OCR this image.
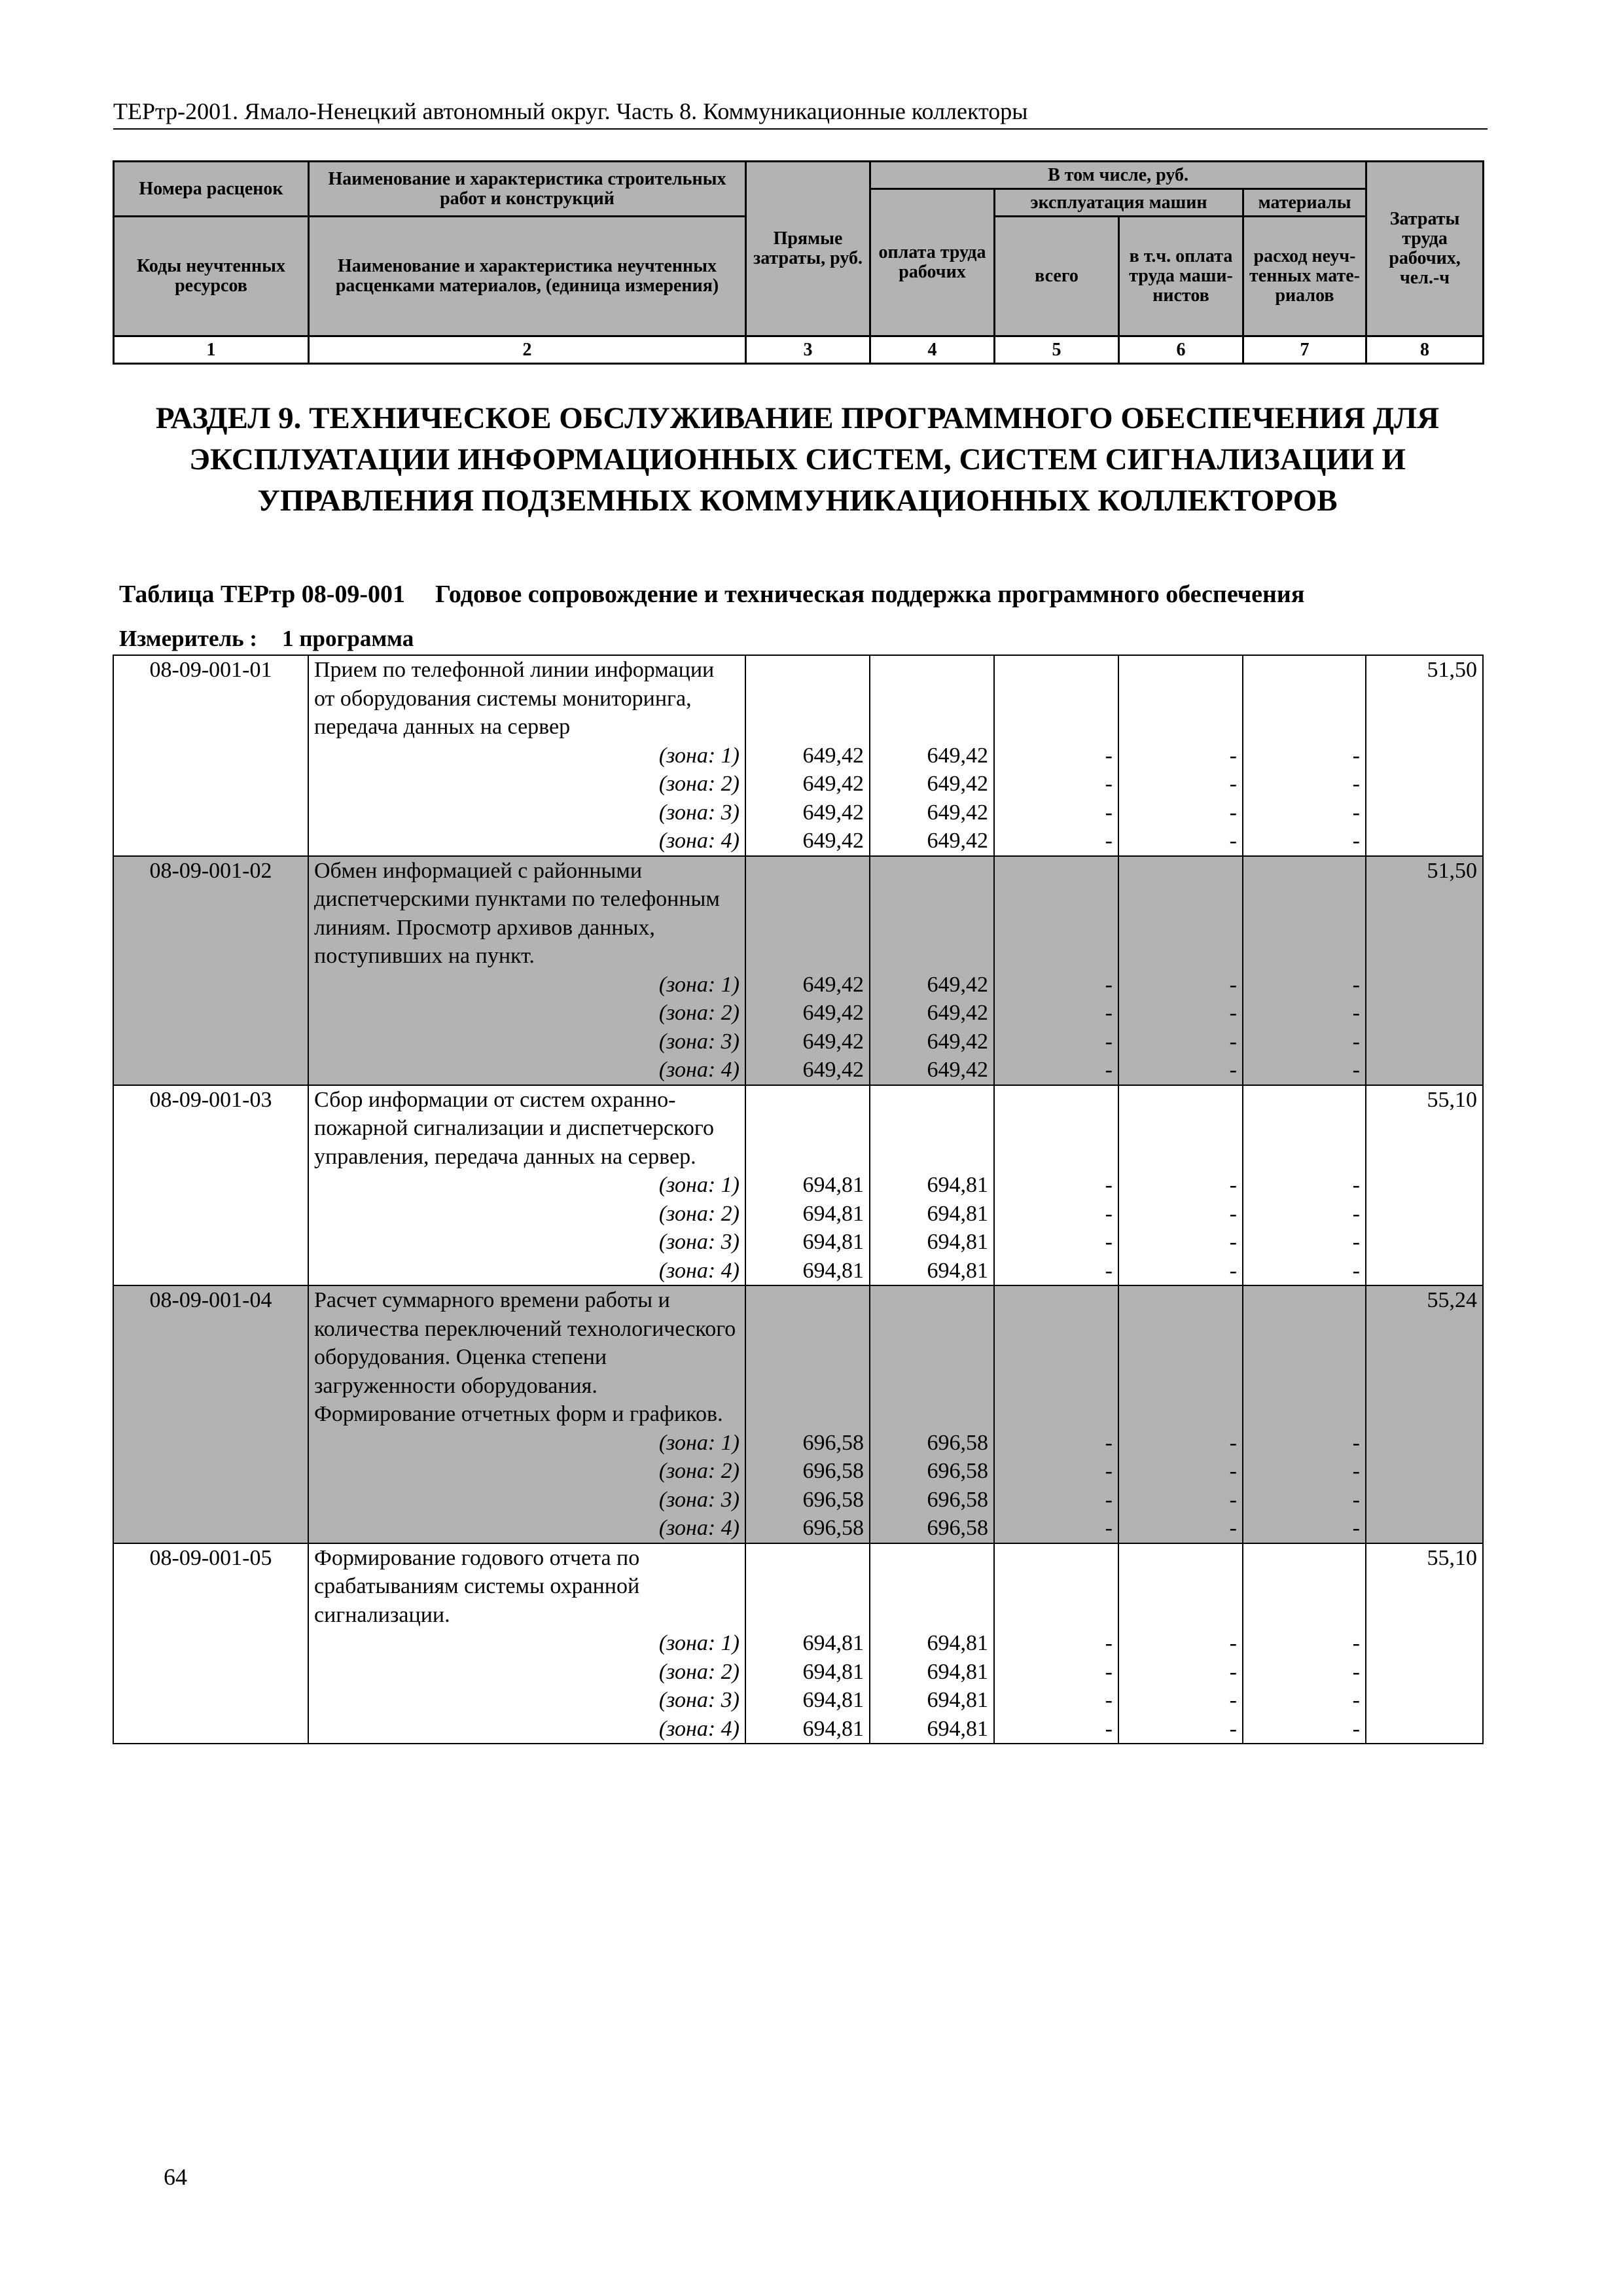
ТЕРтр-2001. Ямало-Ненецкий автономный округ. Часть 8. Коммуникационные коллекторы
Номера расценок	Наименование и характеристика строительных работ и конструкций	Прямые затраты, руб.	В том числе, руб.				Затраты труда рабочих, чел.-ч
			оплата труда рабочих	эксплуатация машин		материалы	
Коды неучтенных ресурсов	Наименование и характеристика неучтенных расценками материалов, (единица измерения)			всего	в т.ч. оплата труда маши-нистов	расход неуч-тенных мате-риалов	

1	2	3	4	5	6	7	8
РАЗДЕЛ 9. ТЕХНИЧЕСКОЕ ОБСЛУЖИВАНИЕ ПРОГРАММНОГО ОБЕСПЕЧЕНИЯ ДЛЯ ЭКСПЛУАТАЦИИ ИНФОРМАЦИОННЫХ СИСТЕМ, СИСТЕМ СИГНАЛИЗАЦИИ И УПРАВЛЕНИЯ ПОДЗЕМНЫХ КОММУНИКАЦИОННЫХ КОЛЛЕКТОРОВ
Таблица ТЕРтр 08-09-001 Годовое сопровождение и техническая поддержка программного обеспечения
Измеритель : 1 программа
08-09-001-01	Прием по телефонной линии информации от оборудования системы мониторинга, передача данных на сервер						51,50

	(зона: 1)	649,42	649,42	-	-	-	

	(зона: 2)	649,42	649,42	-	-	-	

	(зона: 3)	649,42	649,42	-	-	-	

	(зона: 4)	649,42	649,42	-	-	-	
08-09-001-02	Обмен информацией с районными диспетчерскими пунктами по телефонным линиям. Просмотр архивов данных, поступивших на пункт.						51,50

	(зона: 1)	649,42	649,42	-	-	-	

	(зона: 2)	649,42	649,42	-	-	-	

	(зона: 3)	649,42	649,42	-	-	-	

	(зона: 4)	649,42	649,42	-	-	-	
08-09-001-03	Сбор информации от систем охранно-пожарной сигнализации и диспетчерского управления, передача данных на сервер.						55,10

	(зона: 1)	694,81	694,81	-	-	-	

	(зона: 2)	694,81	694,81	-	-	-	

	(зона: 3)	694,81	694,81	-	-	-	

	(зона: 4)	694,81	694,81	-	-	-	
08-09-001-04	Расчет суммарного времени работы и количества переключений технологического оборудования. Оценка степени загруженности оборудования. Формирование отчетных форм и графиков.						55,24

	(зона: 1)	696,58	696,58	-	-	-	

	(зона: 2)	696,58	696,58	-	-	-	

	(зона: 3)	696,58	696,58	-	-	-	

	(зона: 4)	696,58	696,58	-	-	-	
08-09-001-05	Формирование годового отчета по срабатываниям системы охранной сигнализации.						55,10

	(зона: 1)	694,81	694,81	-	-	-	

	(зона: 2)	694,81	694,81	-	-	-	

	(зона: 3)	694,81	694,81	-	-	-	

	(зона: 4)	694,81	694,81	-	-	-	
64
